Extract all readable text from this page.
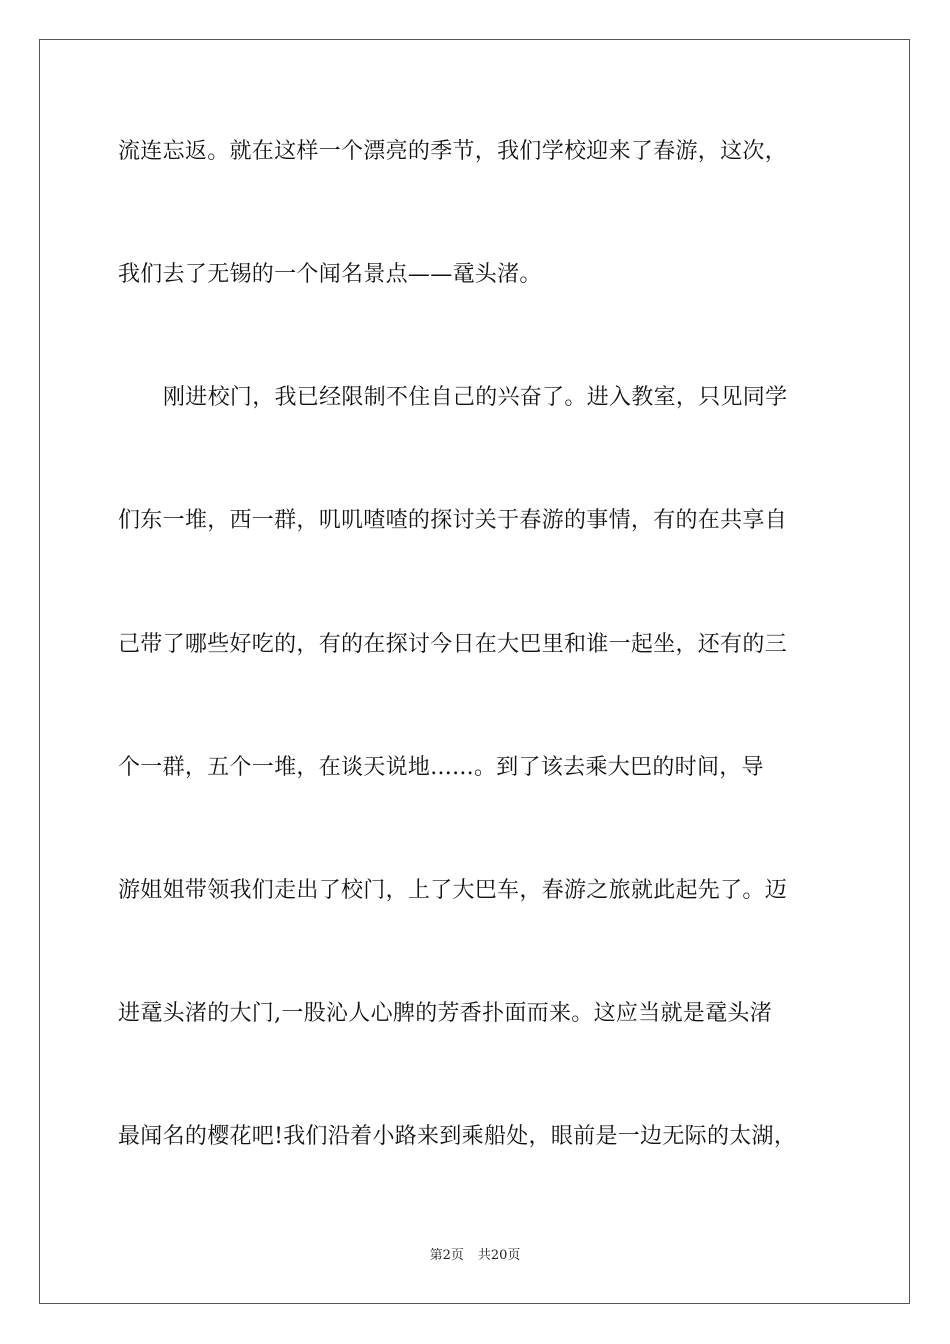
流连忘返。就在这样一个漂亮的季节，我们学校迎来了春游，这次，
我们去了无锡的一个闻名景点——鼋头渚。
刚进校门，我已经限制不住自己的兴奋了。进入教室，只见同学
们东一堆，西一群，叽叽喳喳的探讨关于春游的事情，有的在共享自
己带了哪些好吃的，有的在探讨今日在大巴里和谁一起坐，还有的三
个一群，五个一堆，在谈天说地......。到了该去乘大巴的时间，导
游姐姐带领我们走出了校门，上了大巴车，春游之旅就此起先了。迈
进鼋头渚的大门,一股沁人心脾的芳香扑面而来。这应当就是鼋头渚
最闻名的樱花吧!我们沿着小路来到乘船处，眼前是一边无际的太湖，
第2页 共20页
